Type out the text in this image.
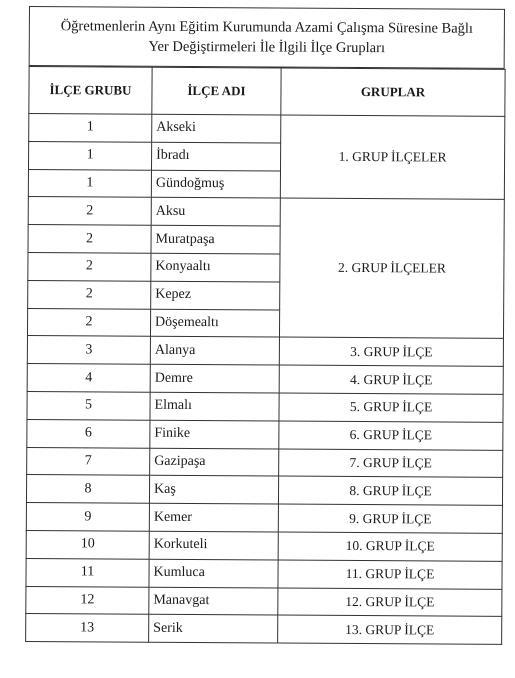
Öğretmenlerin Aynı Eğitim Kurumunda Azami Çalışma Süresine Bağlı
Yer Değiştirmeleri İle İlgili İlçe Grupları
İLÇE GRUBU	İLÇE ADI	GRUPLAR
1	Akseki	1. GRUP İLÇELER
1	İbradı	
1	Gündoğmuş	
2	Aksu	2. GRUP İLÇELER
2	Muratpaşa	
2	Konyaaltı	
2	Kepez	
2	Döşemealtı	
3	Alanya	3. GRUP İLÇE
4	Demre	4. GRUP İLÇE
5	Elmalı	5. GRUP İLÇE
6	Finike	6. GRUP İLÇE
7	Gazipaşa	7. GRUP İLÇE
8	Kaş	8. GRUP İLÇE
9	Kemer	9. GRUP İLÇE
10	Korkuteli	10. GRUP İLÇE
11	Kumluca	11. GRUP İLÇE
12	Manavgat	12. GRUP İLÇE
13	Serik	13. GRUP İLÇE
